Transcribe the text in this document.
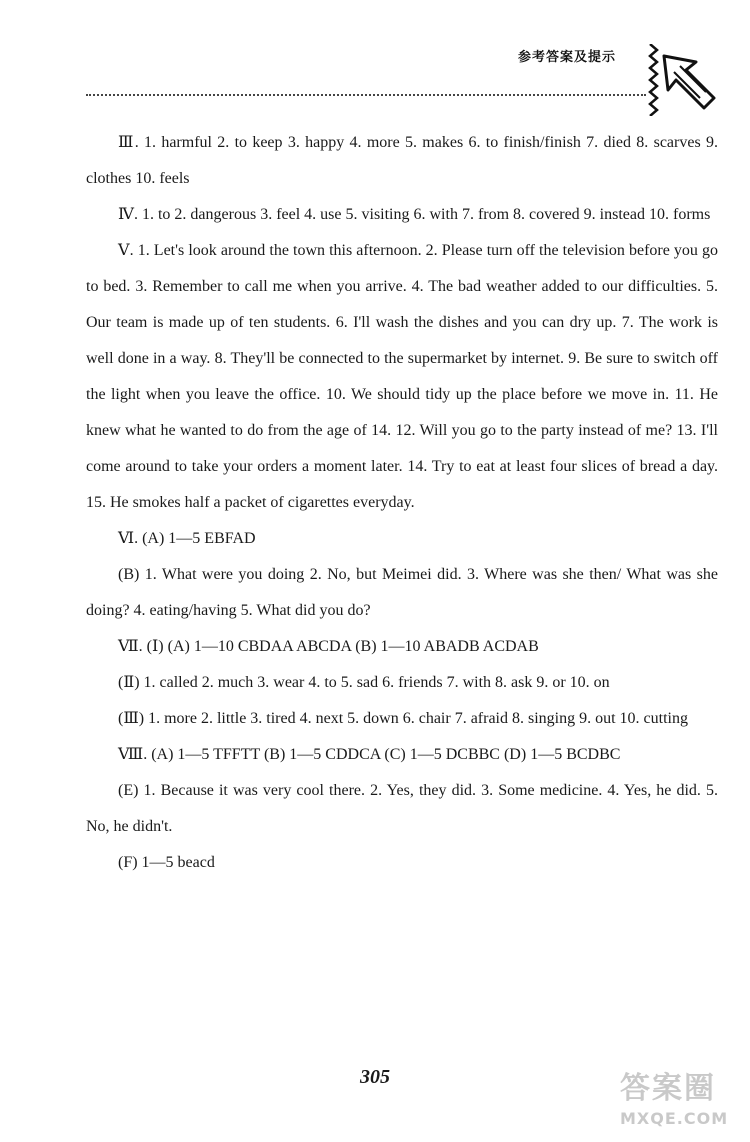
参考答案及提示

Ⅲ. 1. harmful 2. to keep 3. happy 4. more 5. makes 6. to finish/finish 7. died 8. scarves 9. clothes 10. feels

Ⅳ. 1. to 2. dangerous 3. feel 4. use 5. visiting 6. with 7. from 8. covered 9. instead 10. forms

Ⅴ. 1. Let's look around the town this afternoon. 2. Please turn off the television before you go to bed. 3. Remember to call me when you arrive. 4. The bad weather added to our difficulties. 5. Our team is made up of ten students. 6. I'll wash the dishes and you can dry up. 7. The work is well done in a way. 8. They'll be connected to the supermarket by internet. 9. Be sure to switch off the light when you leave the office. 10. We should tidy up the place before we move in. 11. He knew what he wanted to do from the age of 14. 12. Will you go to the party instead of me? 13. I'll come around to take your orders a moment later. 14. Try to eat at least four slices of bread a day. 15. He smokes half a packet of cigarettes everyday.

Ⅵ. (A) 1—5 EBFAD

(B) 1. What were you doing 2. No, but Meimei did. 3. Where was she then/ What was she doing? 4. eating/having 5. What did you do?

Ⅶ. (Ⅰ) (A) 1—10 CBDAA ABCDA (B) 1—10 ABADB ACDAB

(Ⅱ) 1. called 2. much 3. wear 4. to 5. sad 6. friends 7. with 8. ask 9. or 10. on

(Ⅲ) 1. more 2. little 3. tired 4. next 5. down 6. chair 7. afraid 8. singing 9. out 10. cutting

Ⅷ. (A) 1—5 TFFTT (B) 1—5 CDDCA (C) 1—5 DCBBC (D) 1—5 BCDBC

(E) 1. Because it was very cool there. 2. Yes, they did. 3. Some medicine. 4. Yes, he did. 5. No, he didn't.

(F) 1—5 beacd

305	答案圈
MXQE.COM
